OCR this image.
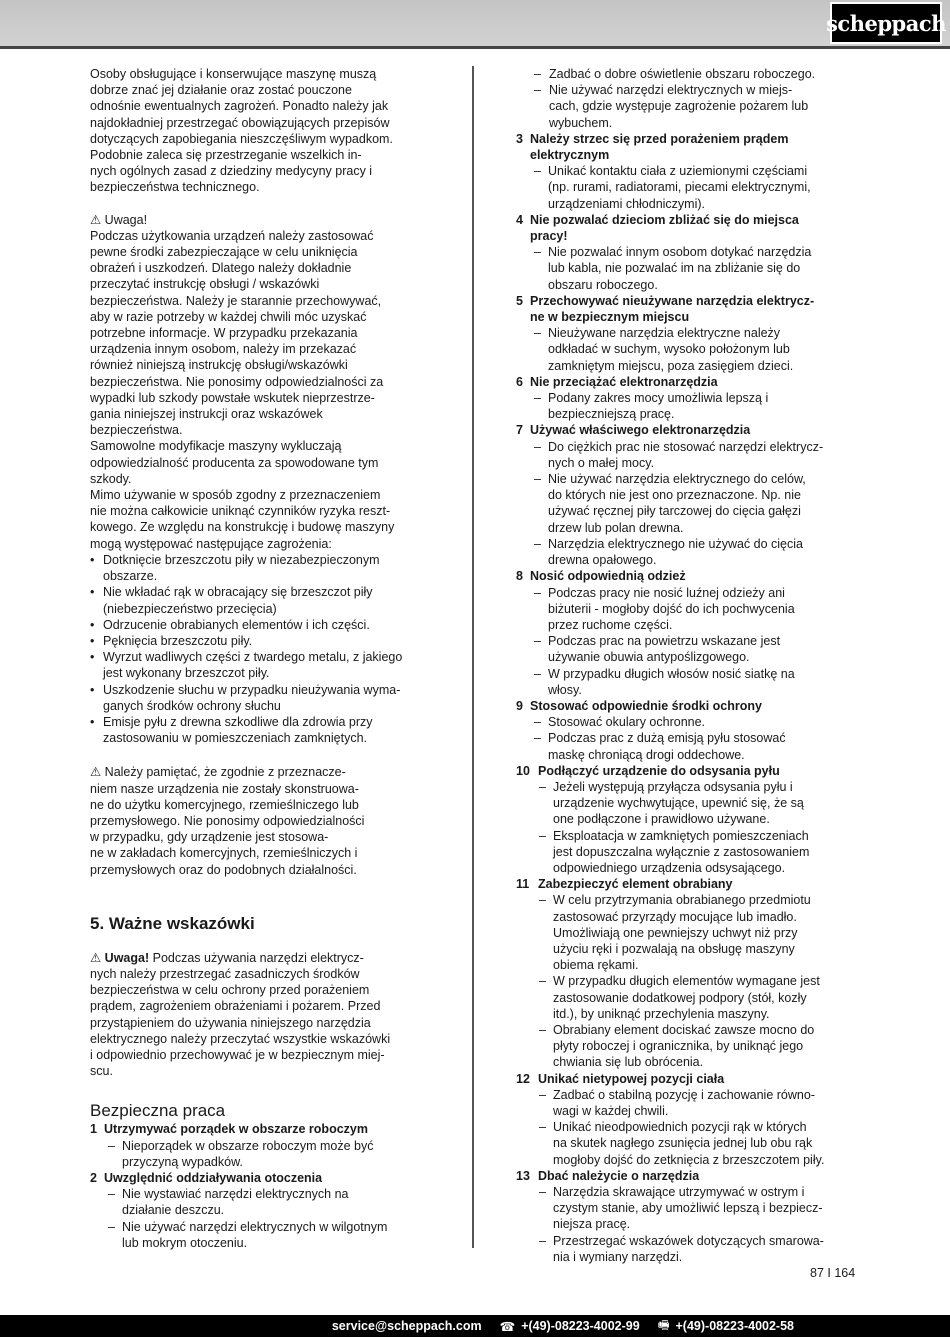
scheppach
Osoby obsługujące i konserwujące maszynę muszą
dobrze znać jej działanie oraz zostać pouczone
odnośnie ewentualnych zagrożeń. Ponadto należy jak
najdokładniej przestrzegać obowiązujących przepisów
dotyczących zapobiegania nieszczęśliwym wypadkom.
Podobnie zaleca się przestrzeganie wszelkich in-
nych ogólnych zasad z dziedziny medycyny pracy i
bezpieczeństwa technicznego.

⚠ Uwaga!

Podczas użytkowania urządzeń należy zastosować
pewne środki zabezpieczające w celu uniknięcia
obrażeń i uszkodzeń. Dlatego należy dokładnie
przeczytać instrukcję obsługi / wskazówki
bezpieczeństwa. Należy je starannie przechowywać,
aby w razie potrzeby w każdej chwili móc uzyskać
potrzebne informacje. W przypadku przekazania
urządzenia innym osobom, należy im przekazać
również niniejszą instrukcję obsługi/wskazówki
bezpieczeństwa. Nie ponosimy odpowiedzialności za
wypadki lub szkody powstałe wskutek nieprzestrze-
gania niniejszej instrukcji oraz wskazówek
bezpieczeństwa.
Samowolne modyfikacje maszyny wykluczają
odpowiedzialność producenta za spowodowane tym
szkody.
Mimo używanie w sposób zgodny z przeznaczeniem
nie można całkowicie uniknąć czynników ryzyka reszt-
kowego. Ze względu na konstrukcję i budowę maszyny
mogą występować następujące zagrożenia:
• Dotknięcie brzeszczotu piły w niezabezpieczonym
obszarze.
• Nie wkładać rąk w obracający się brzeszczot piły
(niebezpieczeństwo przecięcia)
• Odrzucenie obrabianych elementów i ich części.
• Pęknięcia brzeszczotu piły.
• Wyrzut wadliwych części z twardego metalu, z jakiego
jest wykonany brzeszczot piły.
• Uszkodzenie słuchu w przypadku nieużywania wyma-
ganych środków ochrony słuchu
• Emisje pyłu z drewna szkodliwe dla zdrowia przy
zastosowaniu w pomieszczeniach zamkniętych.
⚠ Należy pamiętać, że zgodnie z przeznacze-
niem nasze urządzenia nie zostały skonstruowa-
ne do użytku komercyjnego, rzemieślniczego lub
przemysłowego. Nie ponosimy odpowiedzialności
w przypadku, gdy urządzenie jest stosowa-
ne w zakładach komercyjnych, rzemieślniczych i
przemysłowych oraz do podobnych działalności.
5. Ważne wskazówki
⚠ Uwaga! Podczas używania narzędzi elektrycz-
nych należy przestrzegać zasadniczych środków
bezpieczeństwa w celu ochrony przed porażeniem
prądem, zagrożeniem obrażeniami i pożarem. Przed
przystąpieniem do używania niniejszego narzędzia
elektrycznego należy przeczytać wszystkie wskazówki
i odpowiednio przechowywać je w bezpiecznym miej-
scu.
Bezpieczna praca
1 Utrzymywać porządek w obszarze roboczym
– Nieporządek w obszarze roboczym może być
przyczyną wypadków.
2 Uwzględnić oddziaływania otoczenia
– Nie wystawiać narzędzi elektrycznych na
działanie deszczu.
– Nie używać narzędzi elektrycznych w wilgotnym
lub mokrym otoczeniu.
– Zadbać o dobre oświetlenie obszaru roboczego.
– Nie używać narzędzi elektrycznych w miejs-
cach, gdzie występuje zagrożenie pożarem lub
wybuchem.
3 Należy strzec się przed porażeniem prądem
elektrycznym
– Unikać kontaktu ciała z uziemionymi częściami
(np. rurami, radiatorami, piecami elektrycznymi,
urządzeniami chłodniczymi).
4 Nie pozwalać dzieciom zbliżać się do miejsca
pracy!
– Nie pozwalać innym osobom dotykać narzędzia
lub kabla, nie pozwalać im na zbliżanie się do
obszaru roboczego.
5 Przechowywać nieużywane narzędzia elektrycz-
ne w bezpiecznym miejscu
– Nieużywane narzędzia elektryczne należy
odkładać w suchym, wysoko położonym lub
zamkniętym miejscu, poza zasięgiem dzieci.
6 Nie przeciążać elektronarzędzia
– Podany zakres mocy umożliwia lepszą i
bezpieczniejszą pracę.
7 Używać właściwego elektronarzędzia
– Do ciężkich prac nie stosować narzędzi elektrycz-
nych o małej mocy.
– Nie używać narzędzia elektrycznego do celów,
do których nie jest ono przeznaczone. Np. nie
używać ręcznej piły tarczowej do cięcia gałęzi
drzew lub polan drewna.
– Narzędzia elektrycznego nie używać do cięcia
drewna opałowego.
8 Nosić odpowiednią odzież
– Podczas pracy nie nosić luźnej odzieży ani
biżuterii - mogłoby dojść do ich pochwycenia
przez ruchome części.
– Podczas prac na powietrzu wskazane jest
używanie obuwia antypoślizgowego.
– W przypadku długich włosów nosić siatkę na
włosy.
9 Stosować odpowiednie środki ochrony
– Stosować okulary ochronne.
– Podczas prac z dużą emisją pyłu stosować
maskę chroniącą drogi oddechowe.
10 Podłączyć urządzenie do odsysania pyłu
– Jeżeli występują przyłącza odsysania pyłu i
urządzenie wychwytujące, upewnić się, że są
one podłączone i prawidłowo używane.
– Eksploatacja w zamkniętych pomieszczeniach
jest dopuszczalna wyłącznie z zastosowaniem
odpowiedniego urządzenia odsysającego.
11 Zabezpieczyć element obrabiany
– W celu przytrzymania obrabianego przedmiotu
zastosować przyrządy mocujące lub imadło.
Umożliwiają one pewniejszy uchwyt niż przy
użyciu ręki i pozwalają na obsługę maszyny
obiema rękami.
– W przypadku długich elementów wymagane jest
zastosowanie dodatkowej podpory (stół, kozły
itd.), by uniknąć przechylenia maszyny.
– Obrabiany element dociskać zawsze mocno do
płyty roboczej i ogranicznika, by uniknąć jego
chwiania się lub obrócenia.
12 Unikać nietypowej pozycji ciała
– Zadbać o stabilną pozycję i zachowanie równo-
wagi w każdej chwili.
– Unikać nieodpowiednich pozycji rąk w których
na skutek nagłego zsunięcia jednej lub obu rąk
mogłoby dojść do zetknięcia z brzeszczotem piły.
13 Dbać należycie o narzędzia
– Narzędzia skrawające utrzymywać w ostrym i
czystym stanie, aby umożliwić lepszą i bezpiecz-
niejsza pracę.
– Przestrzegać wskazówek dotyczących smarowa-
nia i wymiany narzędzi.
87 I 164
service@scheppach.com ☎ +(49)-08223-4002-99 🖷 +(49)-08223-4002-58
